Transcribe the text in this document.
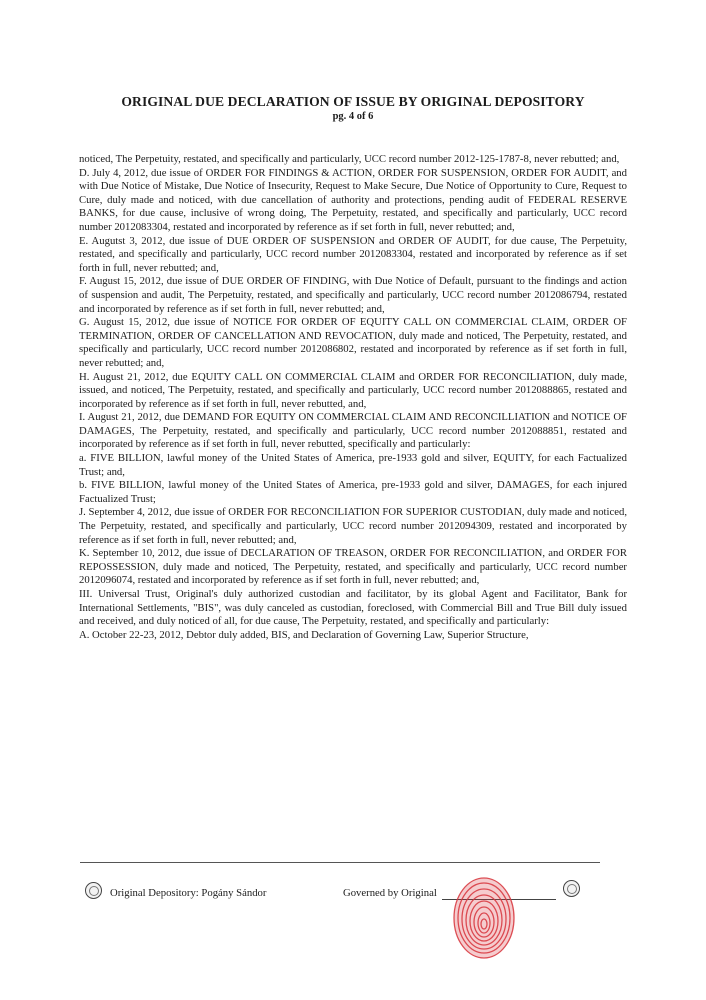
ORIGINAL DUE DECLARATION OF ISSUE BY ORIGINAL DEPOSITORY
pg. 4 of 6

noticed, The Perpetuity, restated, and specifically and particularly, UCC record number 2012-125-1787-8, never rebutted; and,

D. July 4, 2012, due issue of ORDER FOR FINDINGS & ACTION, ORDER FOR SUSPENSION, ORDER FOR AUDIT, and with Due Notice of Mistake, Due Notice of Insecurity, Request to Make Secure, Due Notice of Opportunity to Cure, Request to Cure, duly made and noticed, with due cancellation of authority and protections, pending audit of FEDERAL RESERVE BANKS, for due cause, inclusive of wrong doing, The Perpetuity, restated, and specifically and particularly, UCC record number 2012083304, restated and incorporated by reference as if set forth in full, never rebutted; and,

E. Augutst 3, 2012, due issue of DUE ORDER OF SUSPENSION and ORDER OF AUDIT, for due cause, The Perpetuity, restated, and specifically and particularly, UCC record number 2012083304, restated and incorporated by reference as if set forth in full, never rebutted; and,

F. August 15, 2012, due issue of DUE ORDER OF FINDING, with Due Notice of Default, pursuant to the findings and action of suspension and audit, The Perpetuity, restated, and specifically and particularly, UCC record number 2012086794, restated and incorporated by reference as if set forth in full, never rebutted; and,

G. August 15, 2012, due issue of NOTICE FOR ORDER OF EQUITY CALL ON COMMERCIAL CLAIM, ORDER OF TERMINATION, ORDER OF CANCELLATION AND REVOCATION, duly made and noticed, The Perpetuity, restated, and specifically and particularly, UCC record number 2012086802, restated and incorporated by reference as if set forth in full, never rebutted; and,

H. August 21, 2012, due EQUITY CALL ON COMMERCIAL CLAIM and ORDER FOR RECONCILIATION, duly made, issued, and noticed, The Perpetuity, restated, and specifically and particularly, UCC record number 2012088865, restated and incorporated by reference as if set forth in full, never rebutted, and,

I. August 21, 2012, due DEMAND FOR EQUITY ON COMMERCIAL CLAIM AND RECONCILLIATION and NOTICE OF DAMAGES, The Perpetuity, restated, and specifically and particularly, UCC record number 2012088851, restated and incorporated by reference as if set forth in full, never rebutted, specifically and particularly:

a. FIVE BILLION, lawful money of the United States of America, pre-1933 gold and silver, EQUITY, for each Factualized Trust; and,

b. FIVE BILLION, lawful money of the United States of America, pre-1933 gold and silver, DAMAGES, for each injured Factualized Trust;

J. September 4, 2012, due issue of ORDER FOR RECONCILIATION FOR SUPERIOR CUSTODIAN, duly made and noticed, The Perpetuity, restated, and specifically and particularly, UCC record number 2012094309, restated and incorporated by reference as if set forth in full, never rebutted; and,

K. September 10, 2012, due issue of DECLARATION OF TREASON, ORDER FOR RECONCILIATION, and ORDER FOR REPOSSESSION, duly made and noticed, The Perpetuity, restated, and specifically and particularly, UCC record number 2012096074, restated and incorporated by reference as if set forth in full, never rebutted; and,

III. Universal Trust, Original's duly authorized custodian and facilitator, by its global Agent and Facilitator, Bank for International Settlements, "BIS", was duly canceled as custodian, foreclosed, with Commercial Bill and True Bill duly issued and received, and duly noticed of all, for due cause, The Perpetuity, restated, and specifically and particularly:

A. October 22-23, 2012, Debtor duly added, BIS, and Declaration of Governing Law, Superior Structure,

Original Depository: Pogány Sándor	Governed by Original
